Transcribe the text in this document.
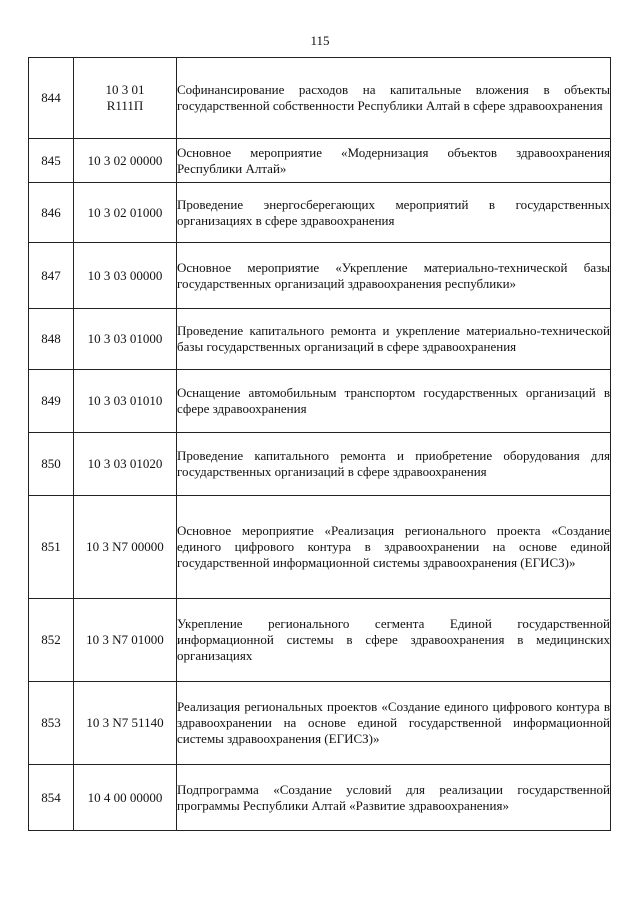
115
844	10 3 01 R111П	Софинансирование расходов на капитальные вложения в объекты государственной собственности Республики Алтай в сфере здравоохранения
845	10 3 02 00000	Основное мероприятие «Модернизация объектов здравоохранения Республики Алтай»
846	10 3 02 01000	Проведение энергосберегающих мероприятий в государственных организациях в сфере здравоохранения
847	10 3 03 00000	Основное мероприятие «Укрепление материально-технической базы государственных организаций здравоохранения республики»
848	10 3 03 01000	Проведение капитального ремонта и укрепление материально-технической базы государственных организаций в сфере здравоохранения
849	10 3 03 01010	Оснащение автомобильным транспортом государственных организаций в сфере здравоохранения
850	10 3 03 01020	Проведение капитального ремонта и приобретение оборудования для государственных организаций в сфере здравоохранения
851	10 3 N7 00000	Основное мероприятие «Реализация регионального проекта «Создание единого цифрового контура в здравоохранении на основе единой государственной информационной системы здравоохранения (ЕГИСЗ)»
852	10 3 N7 01000	Укрепление регионального сегмента Единой государственной информационной системы в сфере здравоохранения в медицинских организациях
853	10 3 N7 51140	Реализация региональных проектов «Создание единого цифрового контура в здравоохранении на основе единой государственной информационной системы здравоохранения (ЕГИСЗ)»
854	10 4 00 00000	Подпрограмма «Создание условий для реализации государственной программы Республики Алтай «Развитие здравоохранения»
